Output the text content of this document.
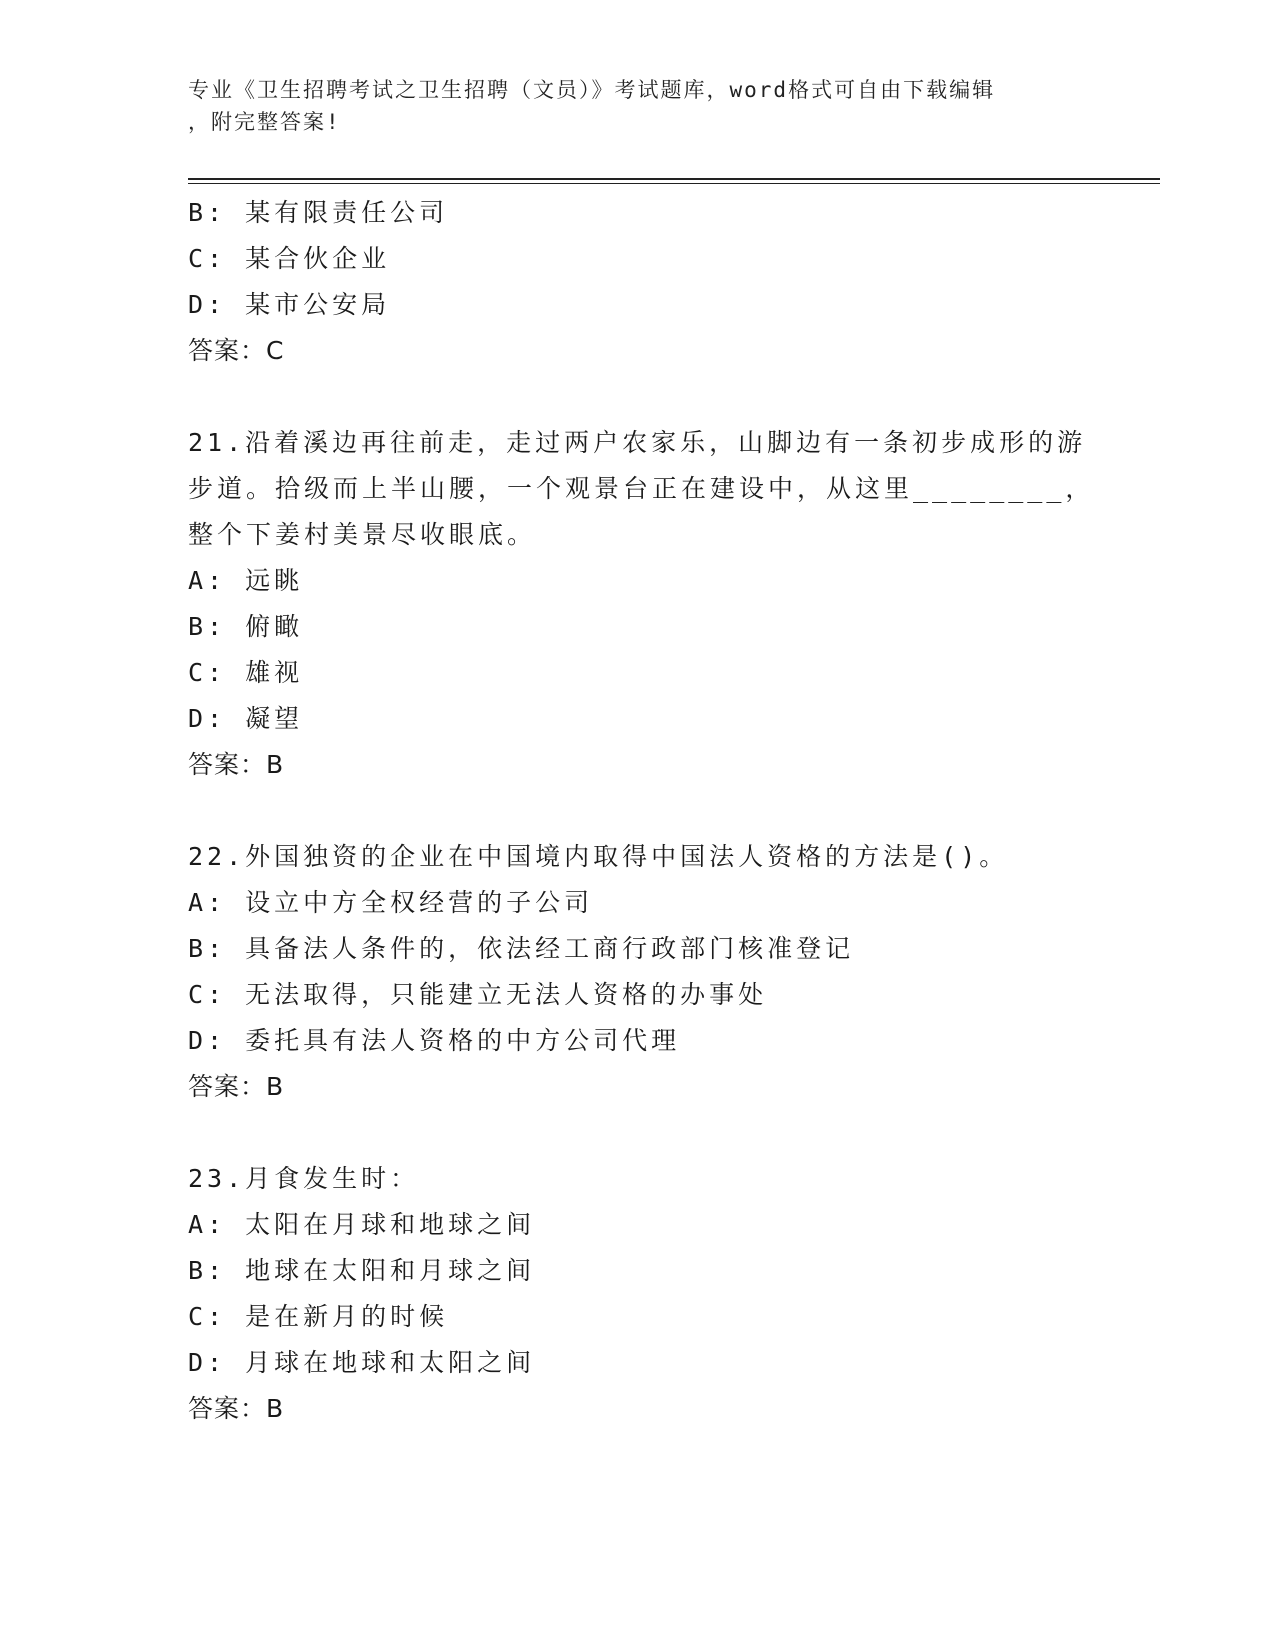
专业《卫生招聘考试之卫生招聘（文员）》考试题库，word格式可自由下载编辑
，附完整答案!
B: 某有限责任公司
C: 某合伙企业
D: 某市公安局
答案：C
21.沿着溪边再往前走，走过两户农家乐，山脚边有一条初步成形的游
步道。拾级而上半山腰，一个观景台正在建设中，从这里________，
整个下姜村美景尽收眼底。
A: 远眺
B: 俯瞰
C: 雄视
D: 凝望
答案：B
22.外国独资的企业在中国境内取得中国法人资格的方法是()。
A: 设立中方全权经营的子公司
B: 具备法人条件的，依法经工商行政部门核准登记
C: 无法取得，只能建立无法人资格的办事处
D: 委托具有法人资格的中方公司代理
答案：B
23.月食发生时：
A: 太阳在月球和地球之间
B: 地球在太阳和月球之间
C: 是在新月的时候
D: 月球在地球和太阳之间
答案：B
